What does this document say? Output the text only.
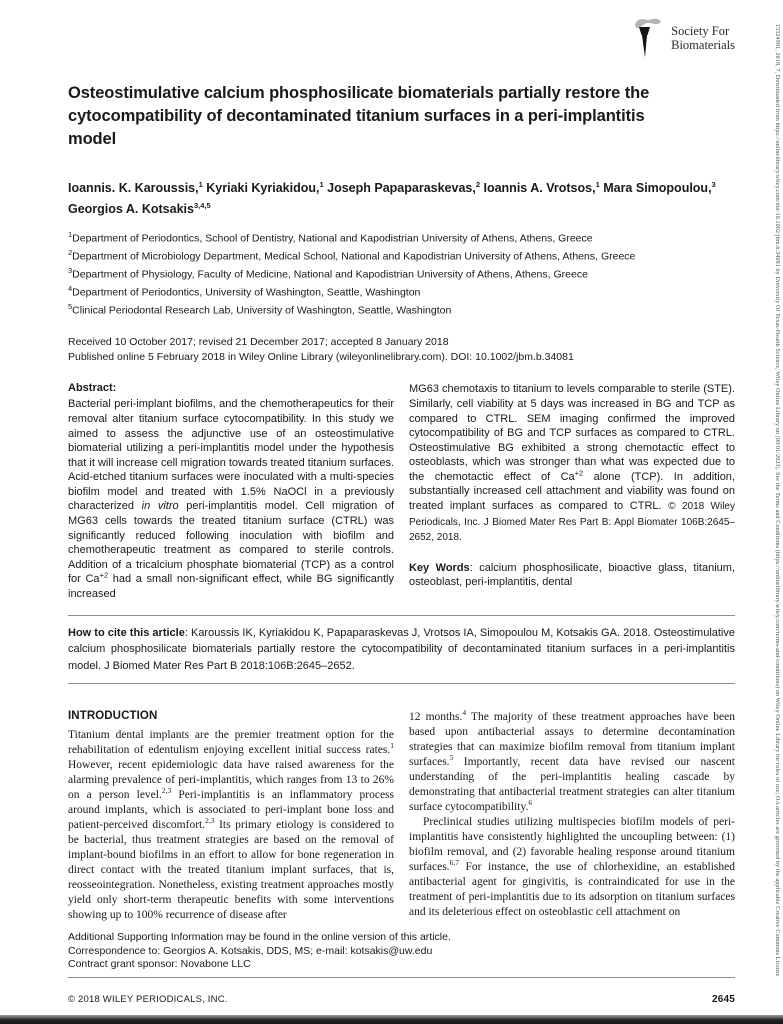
15524981, 2018, 7, Downloaded from https://onlinelibrary.wiley.com/doi/10.1002/jbm.b.34081 by University Of Texas-Health Science, Wiley Online Library on [09/01/2023]. See the Terms and Conditions (https://onlinelibrary.wiley.com/terms-and-conditions) on Wiley Online Library for rules of use; OA articles are governed by the applicable Creative Commons License
Society For
Biomaterials
Osteostimulative calcium phosphosilicate biomaterials partially restore the cytocompatibility of decontaminated titanium surfaces in a peri-implantitis model

Ioannis. K. Karoussis,$^1$ Kyriaki Kyriakidou,$^1$ Joseph Papaparaskevas,$^2$ Ioannis A. Vrotsos,$^1$ Mara Simopoulou,$^3$ Georgios A. Kotsakis$^{3,4,5}$

$^1$Department of Periodontics, School of Dentistry, National and Kapodistrian University of Athens, Athens, Greece

$^2$Department of Microbiology Department, Medical School, National and Kapodistrian University of Athens, Athens, Greece

$^3$Department of Physiology, Faculty of Medicine, National and Kapodistrian University of Athens, Athens, Greece

$^4$Department of Periodontics, University of Washington, Seattle, Washington

$^5$Clinical Periodontal Research Lab, University of Washington, Seattle, Washington

Received 10 October 2017; revised 21 December 2017; accepted 8 January 2018

Published online 5 February 2018 in Wiley Online Library (wileyonlinelibrary.com). DOI: 10.1002/jbm.b.34081

Abstract:

Bacterial peri-implant biofilms, and the chemotherapeutics for their removal alter titanium surface cytocompatibility. In this study we aimed to assess the adjunctive use of an osteostimulative biomaterial utilizing a peri-implantitis model under the hypothesis that it will increase cell migration towards treated titanium surfaces. Acid-etched titanium surfaces were inoculated with a multi-species biofilm model and treated with 1.5% NaOCl in a previously characterized in vitro peri-implantitis model. Cell migration of MG63 cells towards the treated titanium surface (CTRL) was significantly reduced following inoculation with biofilm and chemotherapeutic treatment as compared to sterile controls. Addition of a tricalcium phosphate biomaterial (TCP) as a control for $Ca^{+2}$ had a small non-significant effect, while BG significantly increased

MG63 chemotaxis to titanium to levels comparable to sterile (STE). Similarly, cell viability at 5 days was increased in BG and TCP as compared to CTRL. SEM imaging confirmed the improved cytocompatibility of BG and TCP surfaces as compared to CTRL. Osteostimulative BG exhibited a strong chemotactic effect to osteoblasts, which was stronger than what was expected due to the chemotactic effect of $Ca^{+2}$ alone (TCP). In addition, substantially increased cell attachment and viability was found on treated implant surfaces as compared to CTRL. © 2018 Wiley Periodicals, Inc. J Biomed Mater Res Part B: Appl Biomater 106B:2645–2652, 2018.

Key Words: calcium phosphosilicate, bioactive glass, titanium, osteoblast, peri-implantitis, dental

How to cite this article: Karoussis IK, Kyriakidou K, Papaparaskevas J, Vrotsos IA, Simopoulou M, Kotsakis GA. 2018. Osteostimulative calcium phosphosilicate biomaterials partially restore the cytocompatibility of decontaminated titanium surfaces in a peri-implantitis model. J Biomed Mater Res Part B 2018:106B:2645–2652.

INTRODUCTION

Titanium dental implants are the premier treatment option for the rehabilitation of edentulism enjoying excellent initial success rates.$^1$ However, recent epidemiologic data have raised awareness for the alarming prevalence of peri-implantitis, which ranges from 13 to 26% on a person level.$^{2,3}$ Peri-implantitis is an inflammatory process around implants, which is associated to peri-implant bone loss and patient-perceived discomfort.$^{2,3}$ Its primary etiology is considered to be bacterial, thus treatment strategies are based on the removal of implant-bound biofilms in an effort to allow for bone regeneration in direct contact with the treated titanium implant surfaces, that is, reosseointegration. Nonetheless, existing treatment approaches mostly yield only short-term therapeutic benefits with some interventions showing up to 100% recurrence of disease after

12 months.$^4$ The majority of these treatment approaches have been based upon antibacterial assays to determine decontamination strategies that can maximize biofilm removal from titanium implant surfaces.$^5$ Importantly, recent data have revised our nascent understanding of the peri-implantitis healing cascade by demonstrating that antibacterial treatment strategies can alter titanium surface cytocompatibility.$^6$

Preclinical studies utilizing multispecies biofilm models of peri-implantitis have consistently highlighted the uncoupling between: (1) biofilm removal, and (2) favorable healing response around titanium surfaces.$^{6,7}$ For instance, the use of chlorhexidine, an established antibacterial agent for gingivitis, is contraindicated for use in the treatment of peri-implantitis due to its adsorption on titanium surfaces and its deleterious effect on osteoblastic cell attachment on

Additional Supporting Information may be found in the online version of this article.

Correspondence to: Georgios A. Kotsakis, DDS, MS; e-mail: kotsakis@uw.edu

Contract grant sponsor: Novabone LLC

© 2018 WILEY PERIODICALS, INC.	2645
